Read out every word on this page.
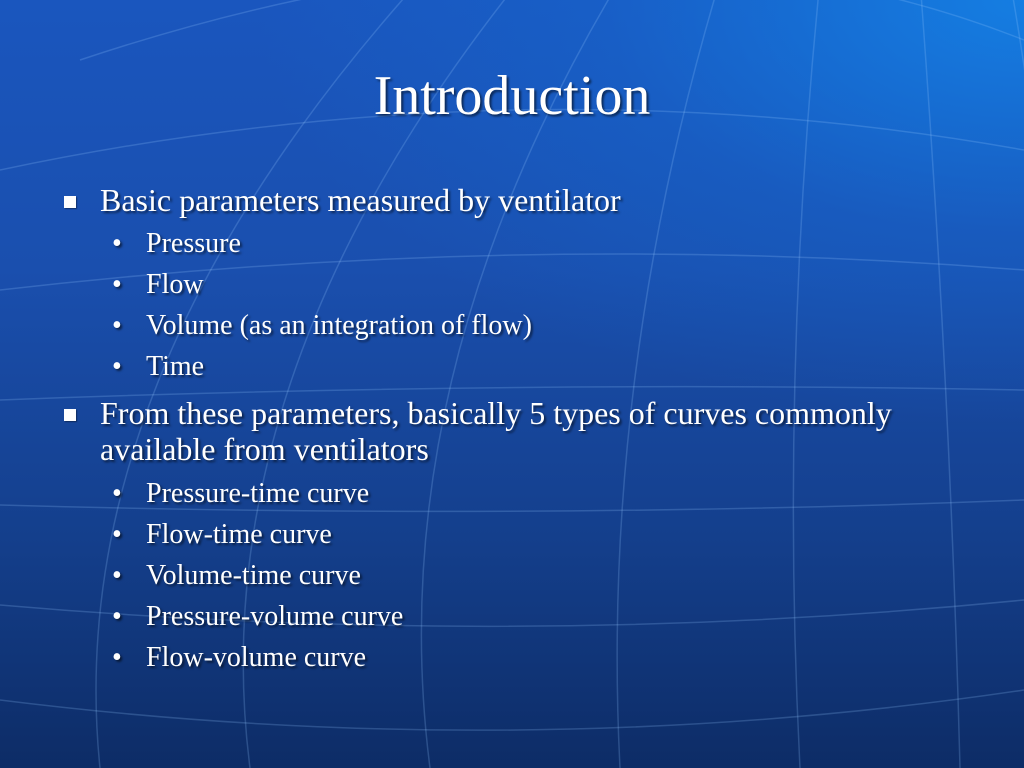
Introduction
Basic parameters measured by ventilator
• Pressure
• Flow
• Volume (as an integration of flow)
• Time
From these parameters, basically 5 types of curves commonly available from ventilators
• Pressure-time curve
• Flow-time curve
• Volume-time curve
• Pressure-volume curve
• Flow-volume curve
